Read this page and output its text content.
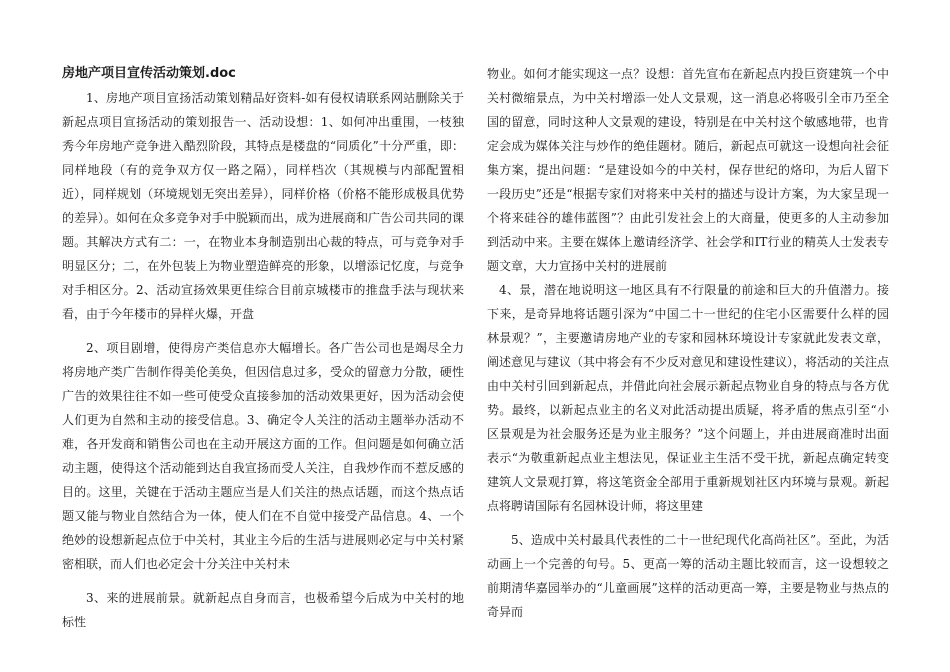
房地产项目宣传活动策划.doc

1、房地产项目宣扬活动策划精品好资料-如有侵权请联系网站删除关于新起点项目宣扬活动的策划报告一、活动设想：1、如何冲出重围，一枝独秀今年房地产竞争进入酷烈阶段，其特点是楼盘的“同质化”十分严重，即：同样地段（有的竞争双方仅一路之隔），同样档次（其规模与内部配置相近），同样规划（环境规划无突出差异），同样价格（价格不能形成极具优势的差异）。如何在众多竞争对手中脱颖而出，成为进展商和广告公司共同的课题。其解决方式有二：一，在物业本身制造别出心裁的特点，可与竞争对手明显区分；二，在外包装上为物业塑造鲜亮的形象，以增添记忆度，与竞争对手相区分。2、活动宣扬效果更佳综合目前京城楼市的推盘手法与现状来看，由于今年楼市的异样火爆，开盘

2、项目剧增，使得房产类信息亦大幅增长。各广告公司也是竭尽全力将房地产类广告制作得美伦美奂，但因信息过多，受众的留意力分散，硬性广告的效果往往不如一些可使受众直接参加的活动效果更好，因为活动会使人们更为自然和主动的接受信息。3、确定令人关注的活动主题举办活动不难，各开发商和销售公司也在主动开展这方面的工作。但问题是如何确立活动主题，使得这个活动能到达自我宣扬而受人关注，自我炒作而不惹反感的目的。这里，关键在于活动主题应当是人们关注的热点话题，而这个热点话题又能与物业自然结合为一体，使人们在不自觉中接受产品信息。4、一个绝妙的设想新起点位于中关村，其业主今后的生活与进展则必定与中关村紧密相联，而人们也必定会十分关注中关村未

3、来的进展前景。就新起点自身而言，也极希望今后成为中关村的地标性

物业。如何才能实现这一点？设想：首先宣布在新起点内投巨资建筑一个中关村微缩景点，为中关村增添一处人文景观，这一消息必将吸引全市乃至全国的留意，同时这种人文景观的建设，特别是在中关村这个敏感地带，也肯定会成为媒体关注与炒作的绝佳题材。随后，新起点可就这一设想向社会征集方案，提出问题：“是建设如今的中关村，保存世纪的烙印，为后人留下一段历史”还是“根据专家们对将来中关村的描述与设计方案，为大家呈现一个将来硅谷的雄伟蓝图”？由此引发社会上的大商量，使更多的人主动参加到活动中来。主要在媒体上邀请经济学、社会学和IT行业的精英人士发表专题文章，大力宣扬中关村的进展前

4、景，潜在地说明这一地区具有不行限量的前途和巨大的升值潜力。接下来，是奇异地将话题引深为“中国二十一世纪的住宅小区需要什么样的园林景观？”，主要邀请房地产业的专家和园林环境设计专家就此发表文章，阐述意见与建议（其中将会有不少反对意见和建设性建议），将活动的关注点由中关村引回到新起点，并借此向社会展示新起点物业自身的特点与各方优势。最终，以新起点业主的名义对此活动提出质疑，将矛盾的焦点引至“小区景观是为社会服务还是为业主服务？”这个问题上，并由进展商准时出面表示“为敬重新起点业主想法见，保证业主生活不受干扰，新起点确定转变建筑人文景观打算，将这笔资金全部用于重新规划社区内环境与景观。新起点将聘请国际有名园林设计师，将这里建

5、造成中关村最具代表性的二十一世纪现代化高尚社区”。至此，为活动画上一个完善的句号。5、更高一筹的活动主题比较而言，这一设想较之前期清华嘉园举办的“儿童画展”这样的活动更高一筹，主要是物业与热点的奇异而
